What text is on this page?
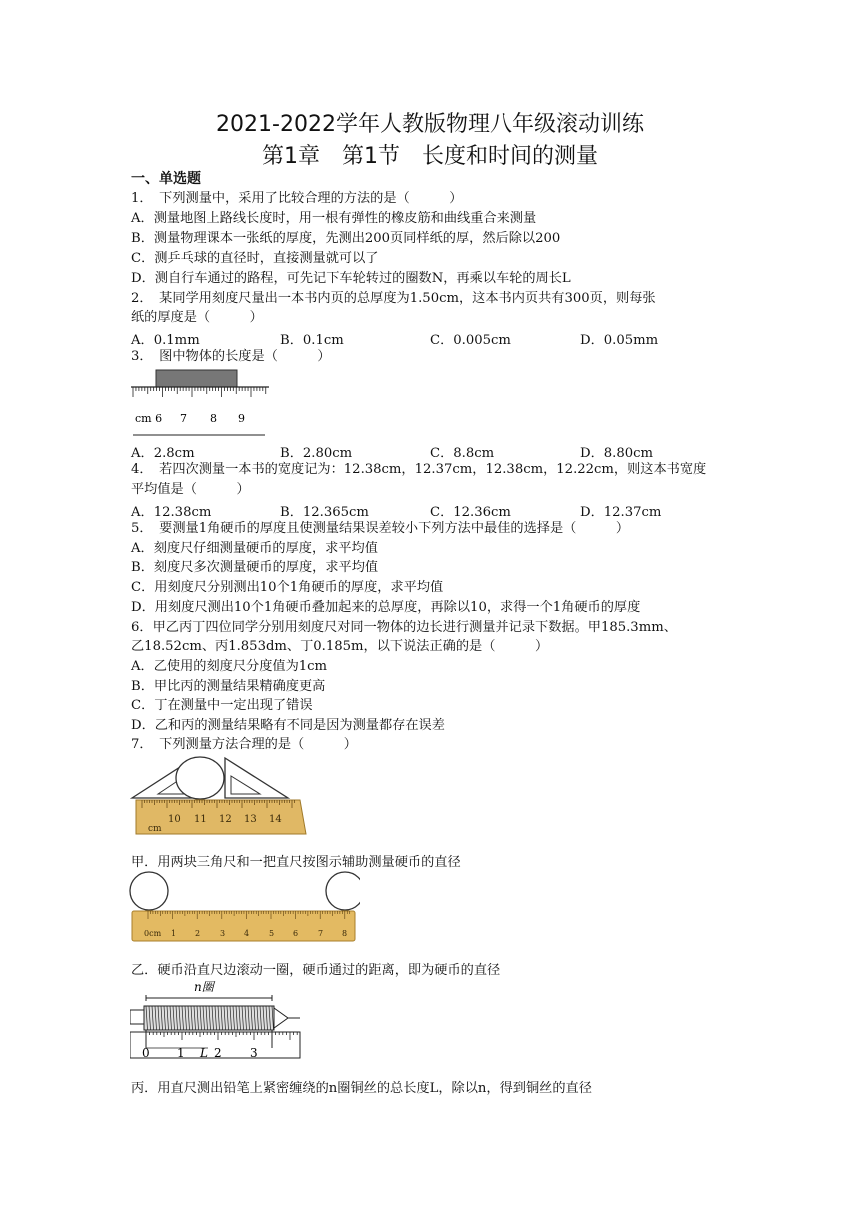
2021-2022学年人教版物理八年级滚动训练
第1章　第1节　长度和时间的测量
一、单选题
1．　下列测量中，采用了比较合理的方法的是（　　　）
A．测量地图上路线长度时，用一根有弹性的橡皮筋和曲线重合来测量
B．测量物理课本一张纸的厚度，先测出200页同样纸的厚，然后除以200
C．测乒乓球的直径时，直接测量就可以了
D．测自行车通过的路程，可先记下车轮转过的圈数N，再乘以车轮的周长L
2．　某同学用刻度尺量出一本书内页的总厚度为1.50cm，这本书内页共有300页，则每张
纸的厚度是（　　　）
A．0.1mm	B．0.1cm	C．0.005cm	D．0.05mm
3．　图中物体的长度是（　　　）
cm 6 7 8 9
A．2.8cm	B．2.80cm	C．8.8cm	D．8.80cm
4．　若四次测量一本书的宽度记为：12.38cm，12.37cm，12.38cm，12.22cm，则这本书宽度
平均值是（　　　）
A．12.38cm	B．12.365cm	C．12.36cm	D．12.37cm
5．　要测量1角硬币的厚度且使测量结果误差较小下列方法中最佳的选择是（　　　）
A．刻度尺仔细测量硬币的厚度，求平均值
B．刻度尺多次测量硬币的厚度，求平均值
C．用刻度尺分别测出10个1角硬币的厚度，求平均值
D．用刻度尺测出10个1角硬币叠加起来的总厚度，再除以10，求得一个1角硬币的厚度
6．甲乙丙丁四位同学分别用刻度尺对同一物体的边长进行测量并记录下数据。甲185.3mm、
乙18.52cm、丙1.853dm、丁0.185m，以下说法正确的是（　　　）
A．乙使用的刻度尺分度值为1cm
B．甲比丙的测量结果精确度更高
C．丁在测量中一定出现了错误
D．乙和丙的测量结果略有不同是因为测量都存在误差
7．　下列测量方法合理的是（　　　）
10 11 12 13 14
cm
甲．用两块三角尺和一把直尺按图示辅助测量硬币的直径
0cm 1 2 3 4 5 6 7 8
乙．硬币沿直尺边滚动一圈，硬币通过的距离，即为硬币的直径
n圈
0 1 L 2 3
丙．用直尺测出铅笔上紧密缠绕的n圈铜丝的总长度L，除以n，得到铜丝的直径
